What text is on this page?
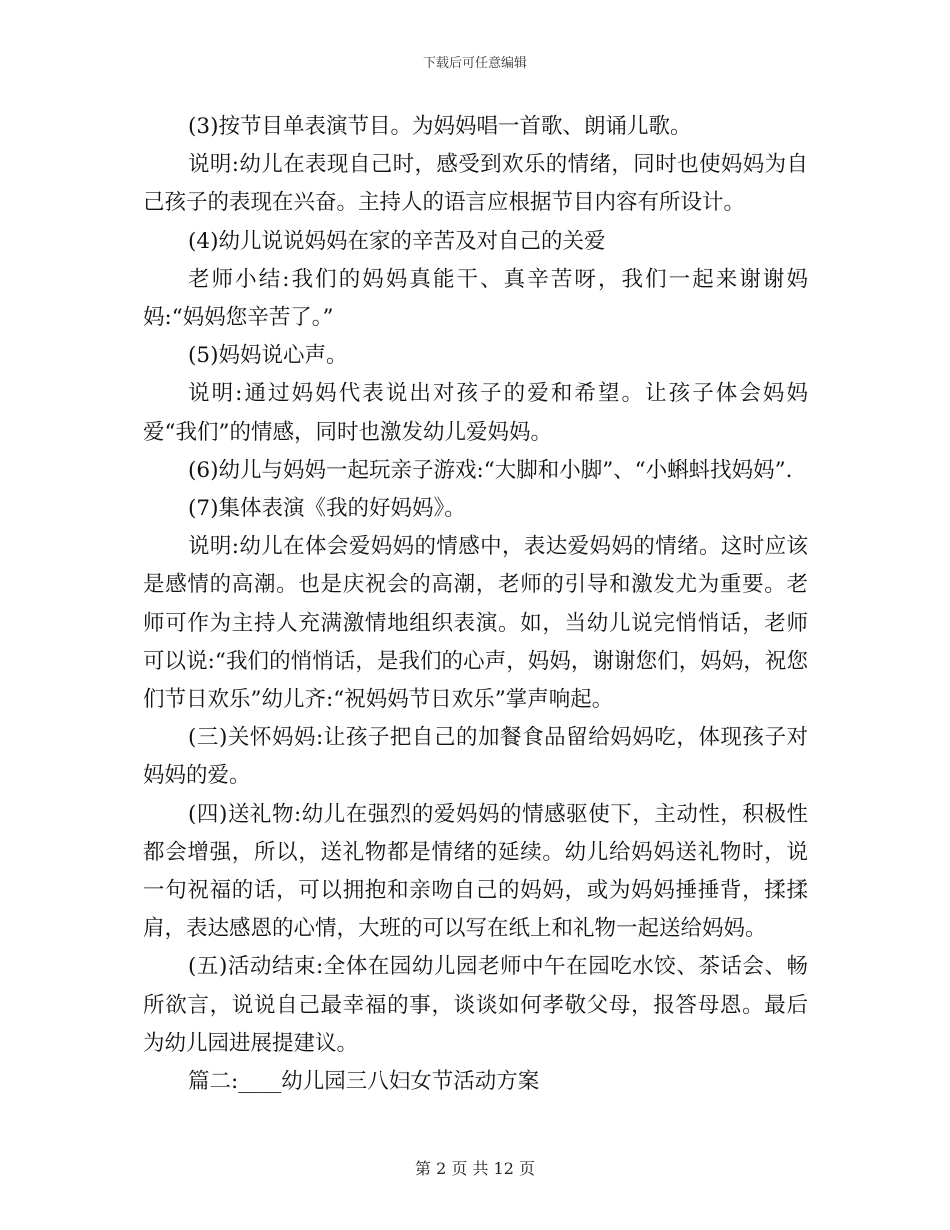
下载后可任意编辑

(3)按节目单表演节目。为妈妈唱一首歌、朗诵儿歌。

说明:幼儿在表现自己时，感受到欢乐的情绪，同时也使妈妈为自己孩子的表现在兴奋。主持人的语言应根据节目内容有所设计。

(4)幼儿说说妈妈在家的辛苦及对自己的关爱

老师小结:我们的妈妈真能干、真辛苦呀，我们一起来谢谢妈妈:“妈妈您辛苦了。”

(5)妈妈说心声。

说明:通过妈妈代表说出对孩子的爱和希望。让孩子体会妈妈爱“我们”的情感，同时也激发幼儿爱妈妈。

(6)幼儿与妈妈一起玩亲子游戏:“大脚和小脚”、“小蝌蚪找妈妈”.

(7)集体表演《我的好妈妈》。

说明:幼儿在体会爱妈妈的情感中，表达爱妈妈的情绪。这时应该是感情的高潮。也是庆祝会的高潮，老师的引导和激发尤为重要。老师可作为主持人充满激情地组织表演。如，当幼儿说完悄悄话，老师可以说:“我们的悄悄话，是我们的心声，妈妈，谢谢您们，妈妈，祝您们节日欢乐”幼儿齐:“祝妈妈节日欢乐”掌声响起。

(三)关怀妈妈:让孩子把自己的加餐食品留给妈妈吃，体现孩子对妈妈的爱。

(四)送礼物:幼儿在强烈的爱妈妈的情感驱使下，主动性，积极性都会增强，所以，送礼物都是情绪的延续。幼儿给妈妈送礼物时，说一句祝福的话，可以拥抱和亲吻自己的妈妈，或为妈妈捶捶背，揉揉肩，表达感恩的心情，大班的可以写在纸上和礼物一起送给妈妈。

(五)活动结束:全体在园幼儿园老师中午在园吃水饺、茶话会、畅所欲言，说说自己最幸福的事，谈谈如何孝敬父母，报答母恩。最后为幼儿园进展提建议。

篇二:____幼儿园三八妇女节活动方案

第 2 页 共 12 页
